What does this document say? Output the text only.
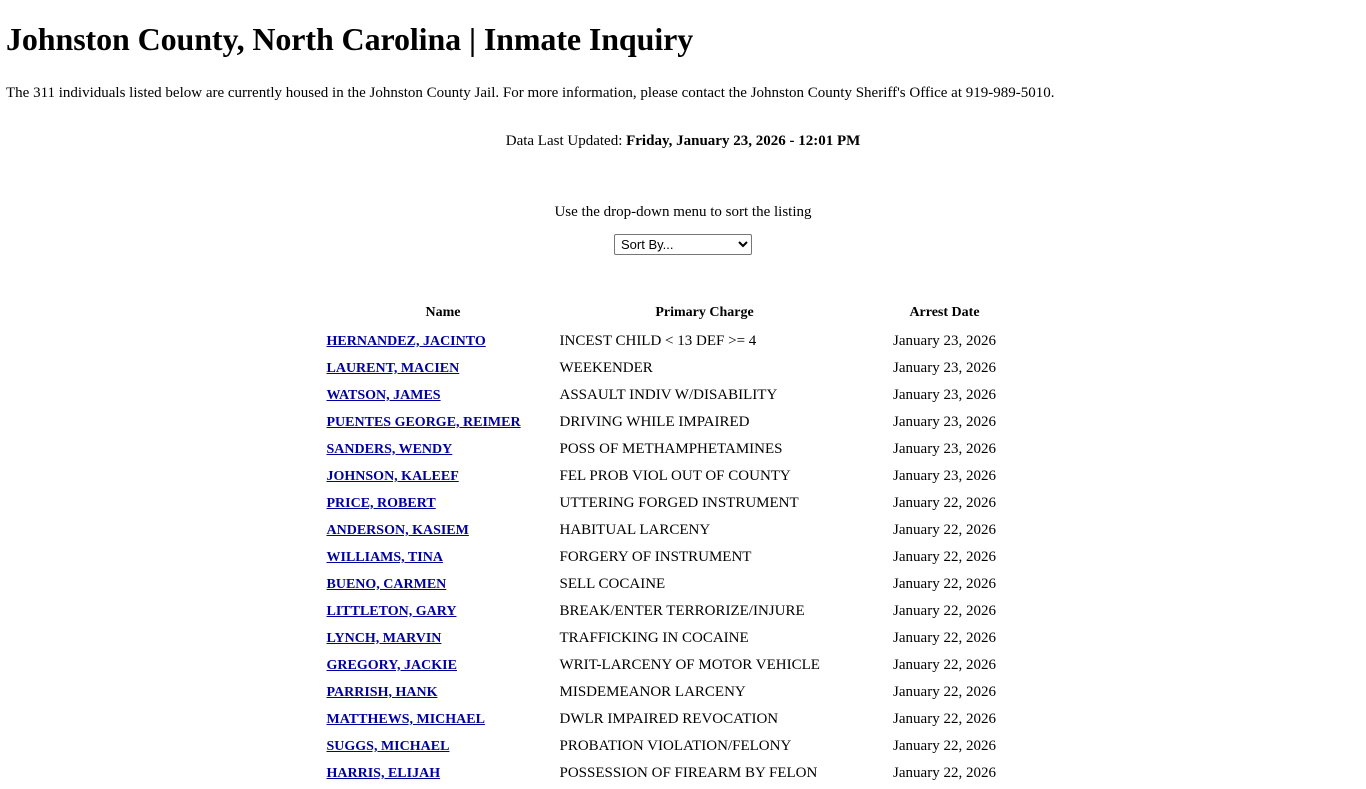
Johnston County, North Carolina | Inmate Inquiry

The 311 individuals listed below are currently housed in the Johnston County Jail. For more information, please contact the Johnston County Sheriff's Office at 919-989-5010.

Data Last Updated: Friday, January 23, 2026 - 12:01 PM

Use the drop-down menu to sort the listing

Sort By...
Name	Primary Charge	Arrest Date
HERNANDEZ, JACINTO	INCEST CHILD < 13 DEF >= 4	January 23, 2026
LAURENT, MACIEN	WEEKENDER	January 23, 2026
WATSON, JAMES	ASSAULT INDIV W/DISABILITY	January 23, 2026
PUENTES GEORGE, REIMER	DRIVING WHILE IMPAIRED	January 23, 2026
SANDERS, WENDY	POSS OF METHAMPHETAMINES	January 23, 2026
JOHNSON, KALEEF	FEL PROB VIOL OUT OF COUNTY	January 23, 2026
PRICE, ROBERT	UTTERING FORGED INSTRUMENT	January 22, 2026
ANDERSON, KASIEM	HABITUAL LARCENY	January 22, 2026
WILLIAMS, TINA	FORGERY OF INSTRUMENT	January 22, 2026
BUENO, CARMEN	SELL COCAINE	January 22, 2026
LITTLETON, GARY	BREAK/ENTER TERRORIZE/INJURE	January 22, 2026
LYNCH, MARVIN	TRAFFICKING IN COCAINE	January 22, 2026
GREGORY, JACKIE	WRIT-LARCENY OF MOTOR VEHICLE	January 22, 2026
PARRISH, HANK	MISDEMEANOR LARCENY	January 22, 2026
MATTHEWS, MICHAEL	DWLR IMPAIRED REVOCATION	January 22, 2026
SUGGS, MICHAEL	PROBATION VIOLATION/FELONY	January 22, 2026
HARRIS, ELIJAH	POSSESSION OF FIREARM BY FELON	January 22, 2026
